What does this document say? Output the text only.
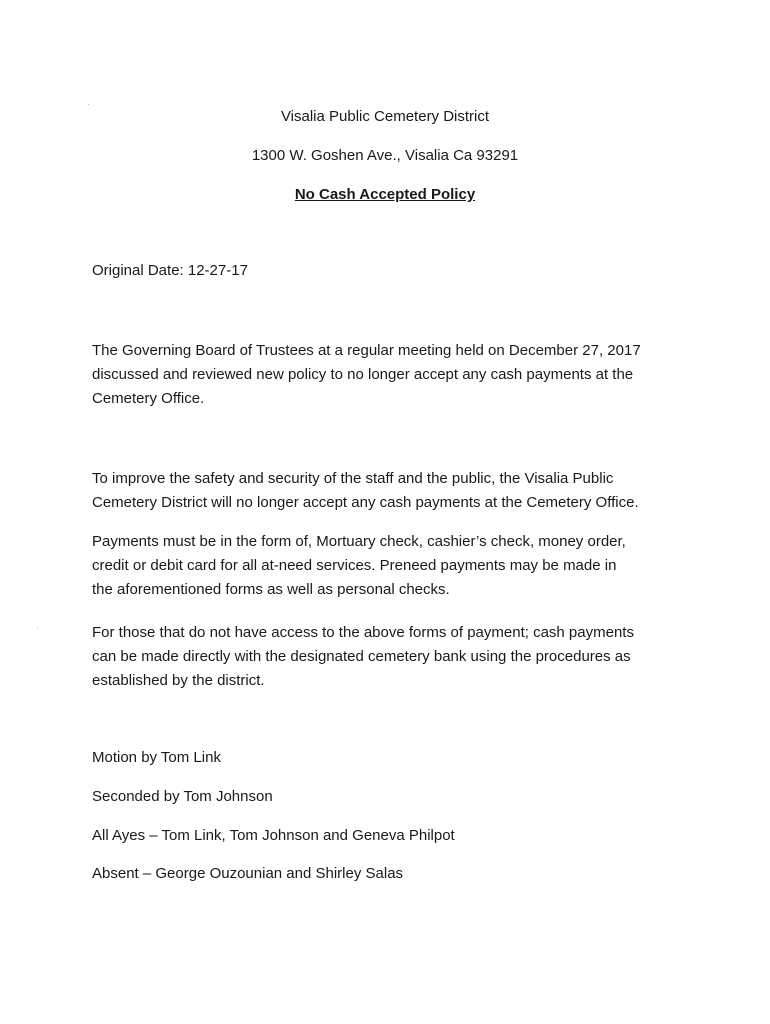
Visalia Public Cemetery District
1300 W. Goshen Ave., Visalia Ca 93291
No Cash Accepted Policy
Original Date: 12-27-17
The Governing Board of Trustees at a regular meeting held on December 27, 2017
discussed and reviewed new policy to no longer accept any cash payments at the
Cemetery Office.
To improve the safety and security of the staff and the public, the Visalia Public
Cemetery District will no longer accept any cash payments at the Cemetery Office.
Payments must be in the form of, Mortuary check, cashier’s check, money order,
credit or debit card for all at-need services. Preneed payments may be made in
the aforementioned forms as well as personal checks.
For those that do not have access to the above forms of payment; cash payments
can be made directly with the designated cemetery bank using the procedures as
established by the district.
Motion by Tom Link
Seconded by Tom Johnson
All Ayes – Tom Link, Tom Johnson and Geneva Philpot
Absent – George Ouzounian and Shirley Salas
